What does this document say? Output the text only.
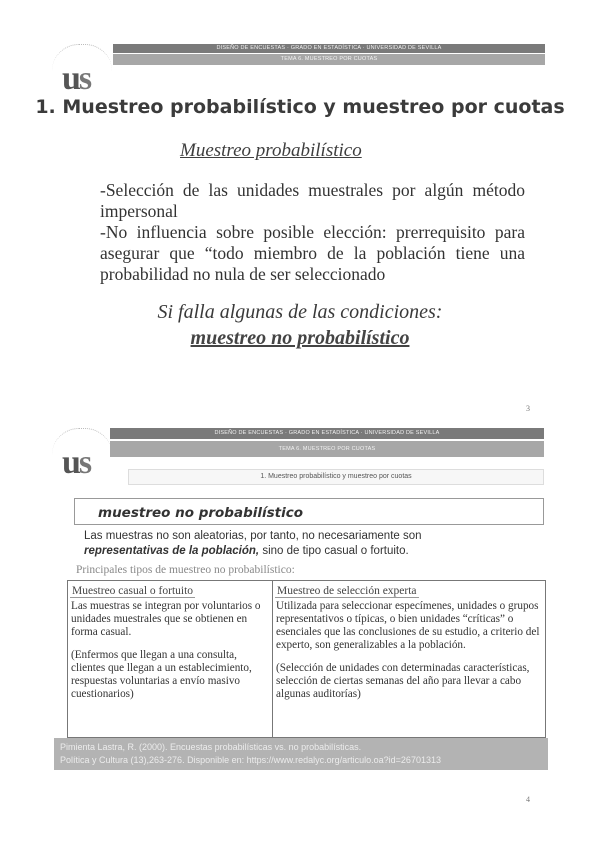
us
DISEÑO DE ENCUESTAS · GRADO EN ESTADÍSTICA · UNIVERSIDAD DE SEVILLA
TEMA 6. MUESTREO POR CUOTAS
1. Muestreo probabilístico y muestreo por cuotas
Muestreo probabilístico

-Selección de las unidades muestrales por algún método impersonal

-No influencia sobre posible elección: prerrequisito para asegurar que “todo miembro de la población tiene una probabilidad no nula de ser seleccionado

Si falla algunas de las condiciones:
muestreo no probabilístico
3
us
DISEÑO DE ENCUESTAS · GRADO EN ESTADÍSTICA · UNIVERSIDAD DE SEVILLA
TEMA 6. MUESTREO POR CUOTAS
1. Muestreo probabilístico y muestreo por cuotas
muestreo no probabilístico
Las muestras no son aleatorias, por tanto, no necesariamente son
representativas de la población, sino de tipo casual o fortuito.
Principales tipos de muestreo no probabilístico:
Muestreo casual o fortuito
Las muestras se integran por voluntarios o unidades muestrales que se obtienen en forma casual.
(Enfermos que llegan a una consulta, clientes que llegan a un establecimiento, respuestas voluntarias a envío masivo cuestionarios)
Muestreo de selección experta
Utilizada para seleccionar especímenes, unidades o grupos representativos o típicas, o bien unidades “críticas” o esenciales que las conclusiones de su estudio, a criterio del experto, son generalizables a la población.
(Selección de unidades con determinadas características, selección de ciertas semanas del año para llevar a cabo algunas auditorías)
Pimienta Lastra, R. (2000). Encuestas probabilísticas vs. no probabilísticas.
Política y Cultura (13),263-276. Disponible en: https://www.redalyc.org/articulo.oa?id=26701313
4
